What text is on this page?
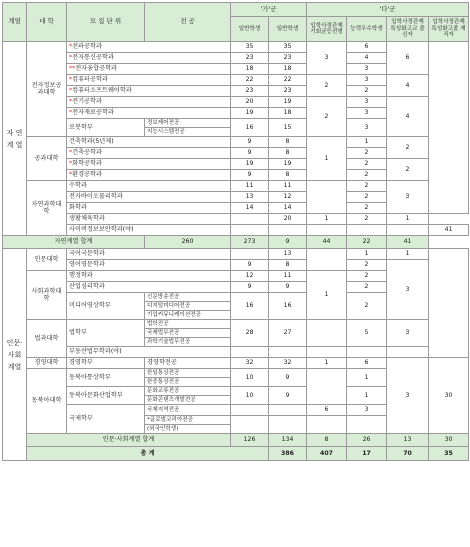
계열	대 학	모 집 단 위	전 공	'가'군		'다'군				
				일반학생	일반학생	입학사정관제 기회균등전형	능력우수학생	입학사정관제 특성화고교 출신자	입학사정관제 특성화고졸 재직자	
자 연 계 열	전자정보공과대학	*전파공학과		35	35	3	6	6		
		*전자통신공학과		23	23		4			
		**전자융합공학과		18	18		3			
		*컴퓨터공학과		22	22	2	3	4		
		*컴퓨터소프트웨어학과		23	23		2			
		*전기공학과		20	19	2	3	4		
		*전자재료공학과		19	18		3			
		로봇학부	정보제어전공	16	15		3			
			지능시스템전공							
	공과대학	건축학과(5년제)		9	8	1	1	2		
		*건축공학과		9	8		2			
		*화학공학과		19	19		2	2		
		*환경공학과		9	8		2			
	자연과학대학	수학과		11	11		2	3		
		전자바이오물리학과		13	12		2			
		화학과		14	14		2			
		생활체육학과			20	1	2	1		
		사이버정보보안학과(야)							41	
자연계열 합계			260	273	9	44	22	41		
인문·사회계열	인문대학	국어국문학과			13		1	1		
		영어영문학과		9	8		2	3		
	사회과학대학	행정학과		12	11	1	2			
		산업심리학과		9	9		2			
		미디어영상학부	신문방송전공	16	16		2			
			디지털미디어전공							
			기업커뮤니케이션전공							
	법과대학	법학부	법학전공	28	27		5	3		
			국제법무전공							
			과학기술법무전공							
		부동산법무학과(야)								
	경영대학	경영학부	경영학전공	32	32	1	6	3	30	
	동북아대학	동북아통상학부	한일통상전공	10	9		1			
			한중통상전공							
		동북아문화산업학부	문화교류전공	10	9		1			
			문화콘텐츠개발전공							
		국제학부	국제지역전공			6	3			
			*글로벌코리아전공							
			(외국인학생)							
	인문·사회계열 합계			126	134	8	26	13	30	
	총 계				386	407	17	70	35	
